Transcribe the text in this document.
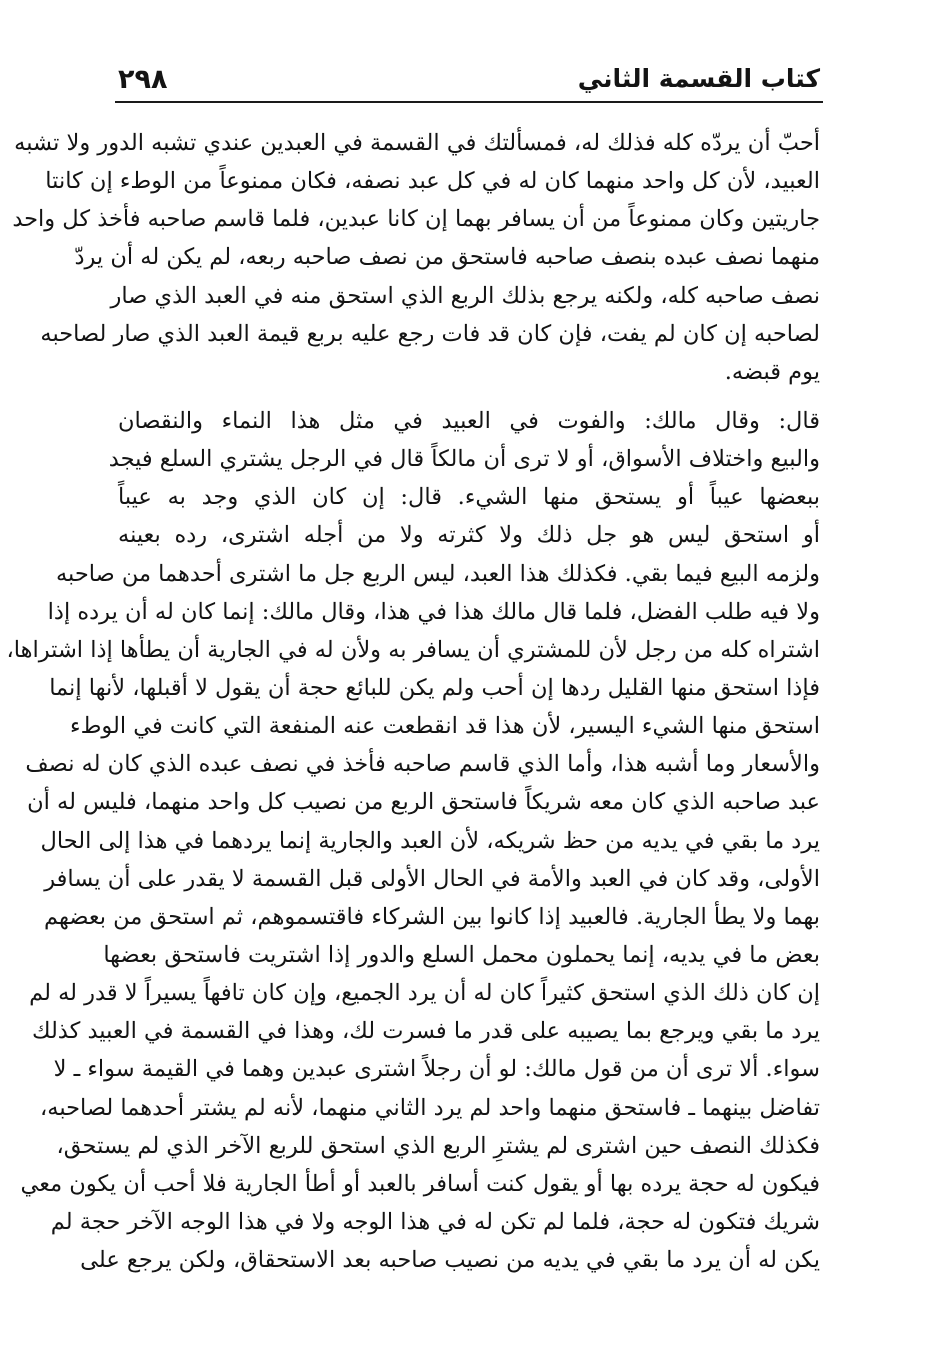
٢٩٨	كتاب القسمة الثاني
أحبّ أن يردّه كله فذلك له، فمسألتك في القسمة في العبدين عندي تشبه الدور ولا تشبه
العبيد، لأن كل واحد منهما كان له في كل عبد نصفه، فكان ممنوعاً من الوطء إن كانتا
جاريتين وكان ممنوعاً من أن يسافر بهما إن كانا عبدين، فلما قاسم صاحبه فأخذ كل واحد
منهما نصف عبده بنصف صاحبه فاستحق من نصف صاحبه ربعه، لم يكن له أن يردّ
نصف صاحبه كله، ولكنه يرجع بذلك الربع الذي استحق منه في العبد الذي صار
لصاحبه إن كان لم يفت، فإن كان قد فات رجع عليه بربع قيمة العبد الذي صار لصاحبه
يوم قبضه.
قال: وقال مالك: والفوت في العبيد في مثل هذا النماء والنقصان
والبيع واختلاف الأسواق، أو لا ترى أن مالكاً قال في الرجل يشتري السلع فيجد
ببعضها عيباً أو يستحق منها الشيء. قال: إن كان الذي وجد به عيباً
أو استحق ليس هو جل ذلك ولا كثرته ولا من أجله اشترى، رده بعينه
ولزمه البيع فيما بقي. فكذلك هذا العبد، ليس الربع جل ما اشترى أحدهما من صاحبه
ولا فيه طلب الفضل، فلما قال مالك هذا في هذا، وقال مالك: إنما كان له أن يرده إذا
اشتراه كله من رجل لأن للمشتري أن يسافر به ولأن له في الجارية أن يطأها إذا اشتراها،
فإذا استحق منها القليل ردها إن أحب ولم يكن للبائع حجة أن يقول لا أقبلها، لأنها إنما
استحق منها الشيء اليسير، لأن هذا قد انقطعت عنه المنفعة التي كانت في الوطء
والأسعار وما أشبه هذا، وأما الذي قاسم صاحبه فأخذ في نصف عبده الذي كان له نصف
عبد صاحبه الذي كان معه شريكاً فاستحق الربع من نصيب كل واحد منهما، فليس له أن
يرد ما بقي في يديه من حظ شريكه، لأن العبد والجارية إنما يردهما في هذا إلى الحال
الأولى، وقد كان في العبد والأمة في الحال الأولى قبل القسمة لا يقدر على أن يسافر
بهما ولا يطأ الجارية. فالعبيد إذا كانوا بين الشركاء فاقتسموهم، ثم استحق من بعضهم
بعض ما في يديه، إنما يحملون محمل السلع والدور إذا اشتريت فاستحق بعضها
إن كان ذلك الذي استحق كثيراً كان له أن يرد الجميع، وإن كان تافهاً يسيراً لا قدر له لم
يرد ما بقي ويرجع بما يصيبه على قدر ما فسرت لك، وهذا في القسمة في العبيد كذلك
سواء. ألا ترى أن من قول مالك: لو أن رجلاً اشترى عبدين وهما في القيمة سواء ـ لا
تفاضل بينهما ـ فاستحق منهما واحد لم يرد الثاني منهما، لأنه لم يشتر أحدهما لصاحبه،
فكذلك النصف حين اشترى لم يشترِ الربع الذي استحق للربع الآخر الذي لم يستحق،
فيكون له حجة يرده بها أو يقول كنت أسافر بالعبد أو أطأ الجارية فلا أحب أن يكون معي
شريك فتكون له حجة، فلما لم تكن له في هذا الوجه ولا في هذا الوجه الآخر حجة لم
يكن له أن يرد ما بقي في يديه من نصيب صاحبه بعد الاستحقاق، ولكن يرجع على
